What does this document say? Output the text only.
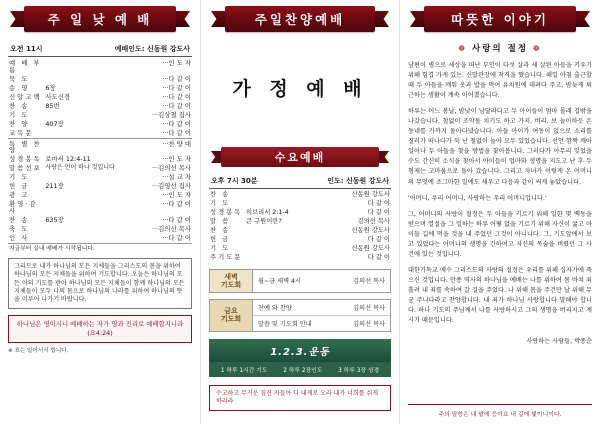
주 일 낮 예 배
오전 11시	예배인도: 신동원 강도사
예 배 부름		···인 도 자
묵 도		···다 같 이
송 영	6장	···다 같 이
신앙고백	사도신경	···다 같 이
찬 송	85번	···다 같 이
기 도		···김상철 집사
찬 양	407장	···다 같 이
교독문		···다 같 이
특 별 찬 양		···찬 양 대
성경봉독	로마서 12:4-11	···인 도 자
말씀선포	사랑은 언어 하나 것입니다	···김의선 목사
기 도		···설 교 자
헌 금	211장	···김영선 집사
광 고		···인 도 자
환영·감사		···다 같 이
찬 송	635장	···다 같 이
축 도		···김의선 목사
인 사		···다 같 이
지금부터 실내 예배가 시작됩니다.		
그리므로 내가 하나님의 모든 지체들을 그리스도의 몸을 위하여 하나님의 모든 지체들을 위하여 기도합니다. 오늘은 하나님의 모든 이의 기도를 받아 하나님의 모든 지체들이 함께 하나님의 모든 지체들이 모두 나의 몸으로 하나님의 나라를 위하여 하나님의 뜻을 이루어 나가기 바랍니다.
하나님은 영이시니 예배하는 자가 영과 진리로 예배할지니라 (요4:24)
※ 표는 일어서서 합니다.
주일찬양예배
가 정 예 배
수요예배
오후 7시 30분	인도: 신동원 강도사
찬 송		신동원 강도사
기 도		다 같 이
성경봉독	히브리서 2:1-4	다 같 이
말 씀	큰 구원이란?	김의선 목사
찬 송		신동원 강도사
헌 금		다 같 이
기 도		신동원 강도사
주기도문		다 같 이
새벽
기도회	월~금 새벽 4시	김의선 목사
금요
기도회
찬예 와 찬양	김의선 목사
말씀 및 기도회 안내	김의선 목사
1.2.3.운동
1 하루 1시간 기도	2 하루 2장인도	3 하루 3장 성경
수고하고 무거운 짐진 자들아 다 내게로 오라 내가 너희를 쉬게 하리라
따뜻한 이야기
❁ 사랑의 절정 ❁

남편이 병으로 세상을 떠난 부인이 다섯 살과 세 살된 아들을 키우기 위해 힘겹 가게 있는. 신발관장에 착직을 했습니다. 해일 아침 출근할 때 두 아들을 깨워 옷과 밥을 먹여 유치원에 데려다 주고, 밤늦게 퇴근하는 생활이 계속 이어졌습니다.

하루는 어느 봄날, 밤낮이 남달라다고 두 아이들이 엄마 몰래 집밖을 나갔습니다. 철없이 조약돌 치기도 하고 가지, 버리. 보 놀이하듯 온 동네를 가까지 돌아다녔습니다. 아들 아이가 여동이 없으로 소리를 질러가 떠나다가 둑 난 철없이 놀아 모두 있었습니다. 선언 깜짝 깨아 일어나 두 아들을 찾을 방법을 찾아봅니다. 그러다가 아무리 잊었을 수도 간신히 소식을 찾아서 아이들이 업마와 생명을 지도고 난 후 두 형제는 고마움으로 돌아 갔습니다. 그리고 자녀가 이렇게 온 어머니의 무엇에 조그마한 일에도 새우고 다음과 같이 써게 놓았습니다.

'어머니, 우리 어머니, 사랑하는 우리 어머니입니다.'

그, 어머니의 사랑이 절정은 두 아들을 키르기 위해 일한 몇 백동을 받으며 열절을 그 일하는 하루 어떻 없을 기르기 위해 자신이 굶고 마이들 길에 먹을 것을 내 주었던 그것이 아니니다. 그, 기도앞에서 보고 있었다는 어머니의 생명을 긴하여고 자신의 목숨을 버렸던 그 사건에 있는 것입니다.

대한기독교 예수 그리스도의 사랑의 절정은 우리를 위해 십자가에 죽으신 것입니다. 만종 역사의 하나님을 예배는 나를 위하여 몸 바쳐 죄 흘려 내 죄를 속하여 갈 길을 주었다. 나 위해 몸을 주건만 날 위해 무궁 주니다라고 찬양합니다. 내 죄가 하나님 사랑합니다 말해야 합니다. 하나 기도의 주님께서 나를 사랑하시고 그의 생명을 버리지고 계시기 때문입니다.

사랑하는 사람들, 박종순
주의 말씀은 내 발에 등이요 내 길에 빛이니이다.
